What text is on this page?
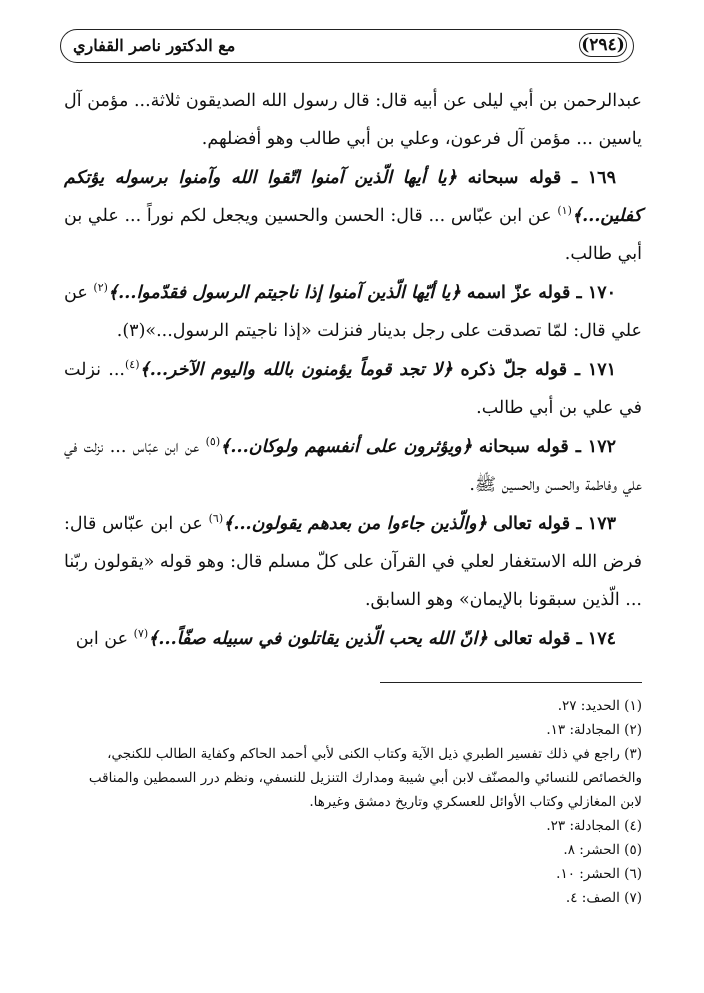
(٢٩٤)
مع الدكتور ناصر القفاري

عبدالرحمن بن أبي ليلى عن أبيه قال: قال رسول الله الصديقون ثلاثة... مؤمن آل ياسين ... مؤمن آل فرعون، وعلي بن أبي طالب وهو أفضلهم.

١٦٩ ـ قوله سبحانه ﴿يا أيها الّذين آمنوا اتّقوا الله وآمنوا برسوله يؤتكم كفلين...﴾$^{(١)}$ عن ابن عبّاس ... قال: الحسن والحسين ويجعل لكم نوراً ... علي بن أبي طالب.

١٧٠ ـ قوله عزّ اسمه ﴿يا أيّها الّذين آمنوا إذا ناجيتم الرسول فقدّموا...﴾$^{(٢)}$ عن علي قال: لمّا تصدقت على رجل بدينار فنزلت «إذا ناجيتم الرسول...»(٣).

١٧١ ـ قوله جلّ ذكره ﴿لا تجد قوماً يؤمنون بالله واليوم الآخر...﴾$^{(٤)}$... نزلت في علي بن أبي طالب.

١٧٢ ـ قوله سبحانه ﴿ويؤثرون على أنفسهم ولوكان...﴾$^{(٥)}$ عن ابن عبّاس ... نزلت في علي وفاطمة والحسن والحسين ﷺ.

١٧٣ ـ قوله تعالى ﴿والّذين جاءوا من بعدهم يقولون...﴾$^{(٦)}$ عن ابن عبّاس قال: فرض الله الاستغفار لعلي في القرآن على كلّ مسلم قال: وهو قوله «يقولون ربّنا ... الّذين سبقونا بالإيمان» وهو السابق.

١٧٤ ـ قوله تعالى ﴿انّ الله يحب الّذين يقاتلون في سبيله صفّاً...﴾$^{(٧)}$ عن ابن

(١) الحديد: ٢٧.

(٢) المجادلة: ١٣.

(٣) راجع في ذلك تفسير الطبري ذيل الآية وكتاب الكنى لأبي أحمد الحاكم وكفاية الطالب للكنجي، والخصائص للنسائي والمصنّف لابن أبي شيبة ومدارك التنزيل للنسفي، ونظم درر السمطين والمناقب لابن المغازلي وكتاب الأوائل للعسكري وتاريخ دمشق وغيرها.

(٤) المجادلة: ٢٣.

(٥) الحشر: ٨.

(٦) الحشر: ١٠.

(٧) الصف: ٤.
